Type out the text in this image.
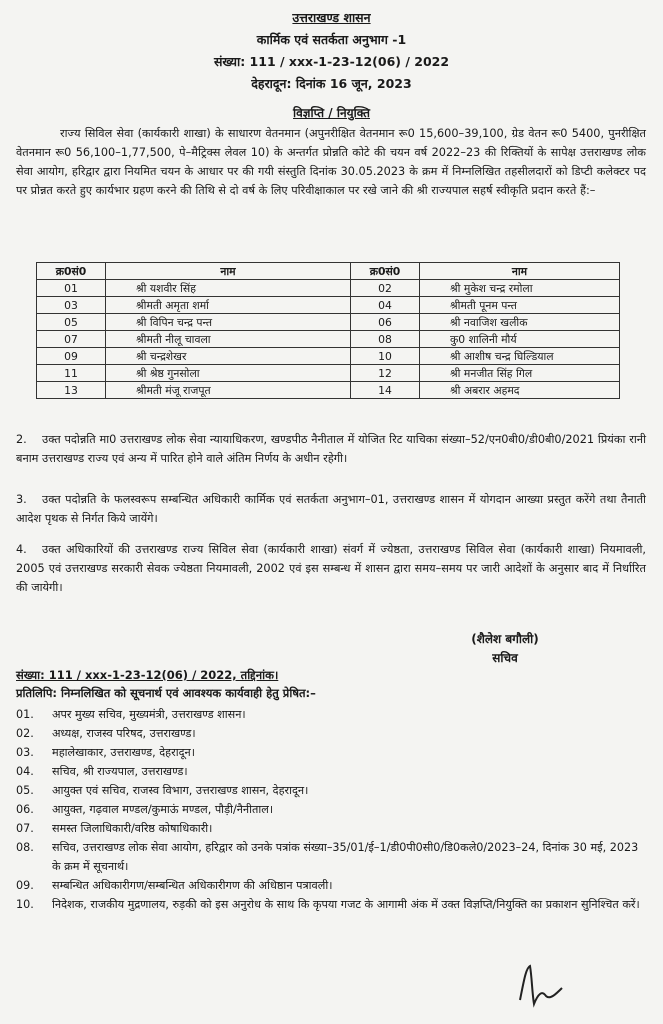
उत्तराखण्ड शासन
कार्मिक एवं सतर्कता अनुभाग -1
संख्या: 111 / xxx-1-23-12(06) / 2022
देहरादून: दिनांक 16 जून, 2023
विज्ञप्ति / नियुक्ति
राज्य सिविल सेवा (कार्यकारी शाखा) के साधारण वेतनमान (अपुनरीक्षित वेतनमान रू0 15,600–39,100, ग्रेड वेतन रू0 5400, पुनरीक्षित वेतनमान रू0 56,100–1,77,500, पे–मैट्रिक्स लेवल 10) के अन्तर्गत प्रोन्नति कोटे की चयन वर्ष 2022–23 की रिक्तियों के सापेक्ष उत्तराखण्ड लोक सेवा आयोग, हरिद्वार द्वारा नियमित चयन के आधार पर की गयी संस्तुति दिनांक 30.05.2023 के क्रम में निम्नलिखित तहसीलदारों को डिप्टी कलेक्टर पद पर प्रोन्नत करते हुए कार्यभार ग्रहण करने की तिथि से दो वर्ष के लिए परिवीक्षाकाल पर रखे जाने की श्री राज्यपाल सहर्ष स्वीकृति प्रदान करते हैं:–
क्र0सं0	नाम	क्र0सं0	नाम
01	श्री यशवीर सिंह	02	श्री मुकेश चन्द्र रमोला
03	श्रीमती अमृता शर्मा	04	श्रीमती पूनम पन्त
05	श्री विपिन चन्द्र पन्त	06	श्री नवाजिश खलीक
07	श्रीमती नीलू चावला	08	कु0 शालिनी मौर्य
09	श्री चन्द्रशेखर	10	श्री आशीष चन्द्र घिल्डियाल
11	श्री श्रेष्ठ गुनसोला	12	श्री मनजीत सिंह गिल
13	श्रीमती मंजू राजपूत	14	श्री अबरार अहमद
2. उक्त पदोन्नति मा0 उत्तराखण्ड लोक सेवा न्यायाधिकरण, खण्डपीठ नैनीताल में योजित रिट याचिका संख्या–52/एन0बी0/डी0बी0/2021 प्रियंका रानी बनाम उत्तराखण्ड राज्य एवं अन्य में पारित होने वाले अंतिम निर्णय के अधीन रहेगी।
3. उक्त पदोन्नति के फलस्वरूप सम्बन्धित अधिकारी कार्मिक एवं सतर्कता अनुभाग–01, उत्तराखण्ड शासन में योगदान आख्या प्रस्तुत करेंगे तथा तैनाती आदेश पृथक से निर्गत किये जायेंगे।
4. उक्त अधिकारियों की उत्तराखण्ड राज्य सिविल सेवा (कार्यकारी शाखा) संवर्ग में ज्येष्ठता, उत्तराखण्ड सिविल सेवा (कार्यकारी शाखा) नियमावली, 2005 एवं उत्तराखण्ड सरकारी सेवक ज्येष्ठता नियमावली, 2002 एवं इस सम्बन्ध में शासन द्वारा समय–समय पर जारी आदेशों के अनुसार बाद में निर्धारित की जायेगी।
(शैलेश बगौली)
सचिव
संख्या: 111 / xxx-1-23-12(06) / 2022, तद्दिनांक।
प्रतिलिपि: निम्नलिखित को सूचनार्थ एवं आवश्यक कार्यवाही हेतु प्रेषित:–
01.	अपर मुख्य सचिव, मुख्यमंत्री, उत्तराखण्ड शासन।
02.	अध्यक्ष, राजस्व परिषद, उत्तराखण्ड।
03.	महालेखाकार, उत्तराखण्ड, देहरादून।
04.	सचिव, श्री राज्यपाल, उत्तराखण्ड।
05.	आयुक्त एवं सचिव, राजस्व विभाग, उत्तराखण्ड शासन, देहरादून।
06.	आयुक्त, गढ़वाल मण्डल/कुमाऊं मण्डल, पौड़ी/नैनीताल।
07.	समस्त जिलाधिकारी/वरिष्ठ कोषाधिकारी।
08.	सचिव, उत्तराखण्ड लोक सेवा आयोग, हरिद्वार को उनके पत्रांक संख्या–35/01/ई–1/डी0पी0सी0/डि0कले0/2023–24, दिनांक 30 मई, 2023 के क्रम में सूचनार्थ।
09.	सम्बन्धित अधिकारीगण/सम्बन्धित अधिकारीगण की अधिष्ठान पत्रावली।
10.	निदेशक, राजकीय मुद्रणालय, रुड़की को इस अनुरोध के साथ कि कृपया गजट के आगामी अंक में उक्त विज्ञप्ति/नियुक्ति का प्रकाशन सुनिश्चित करें।
